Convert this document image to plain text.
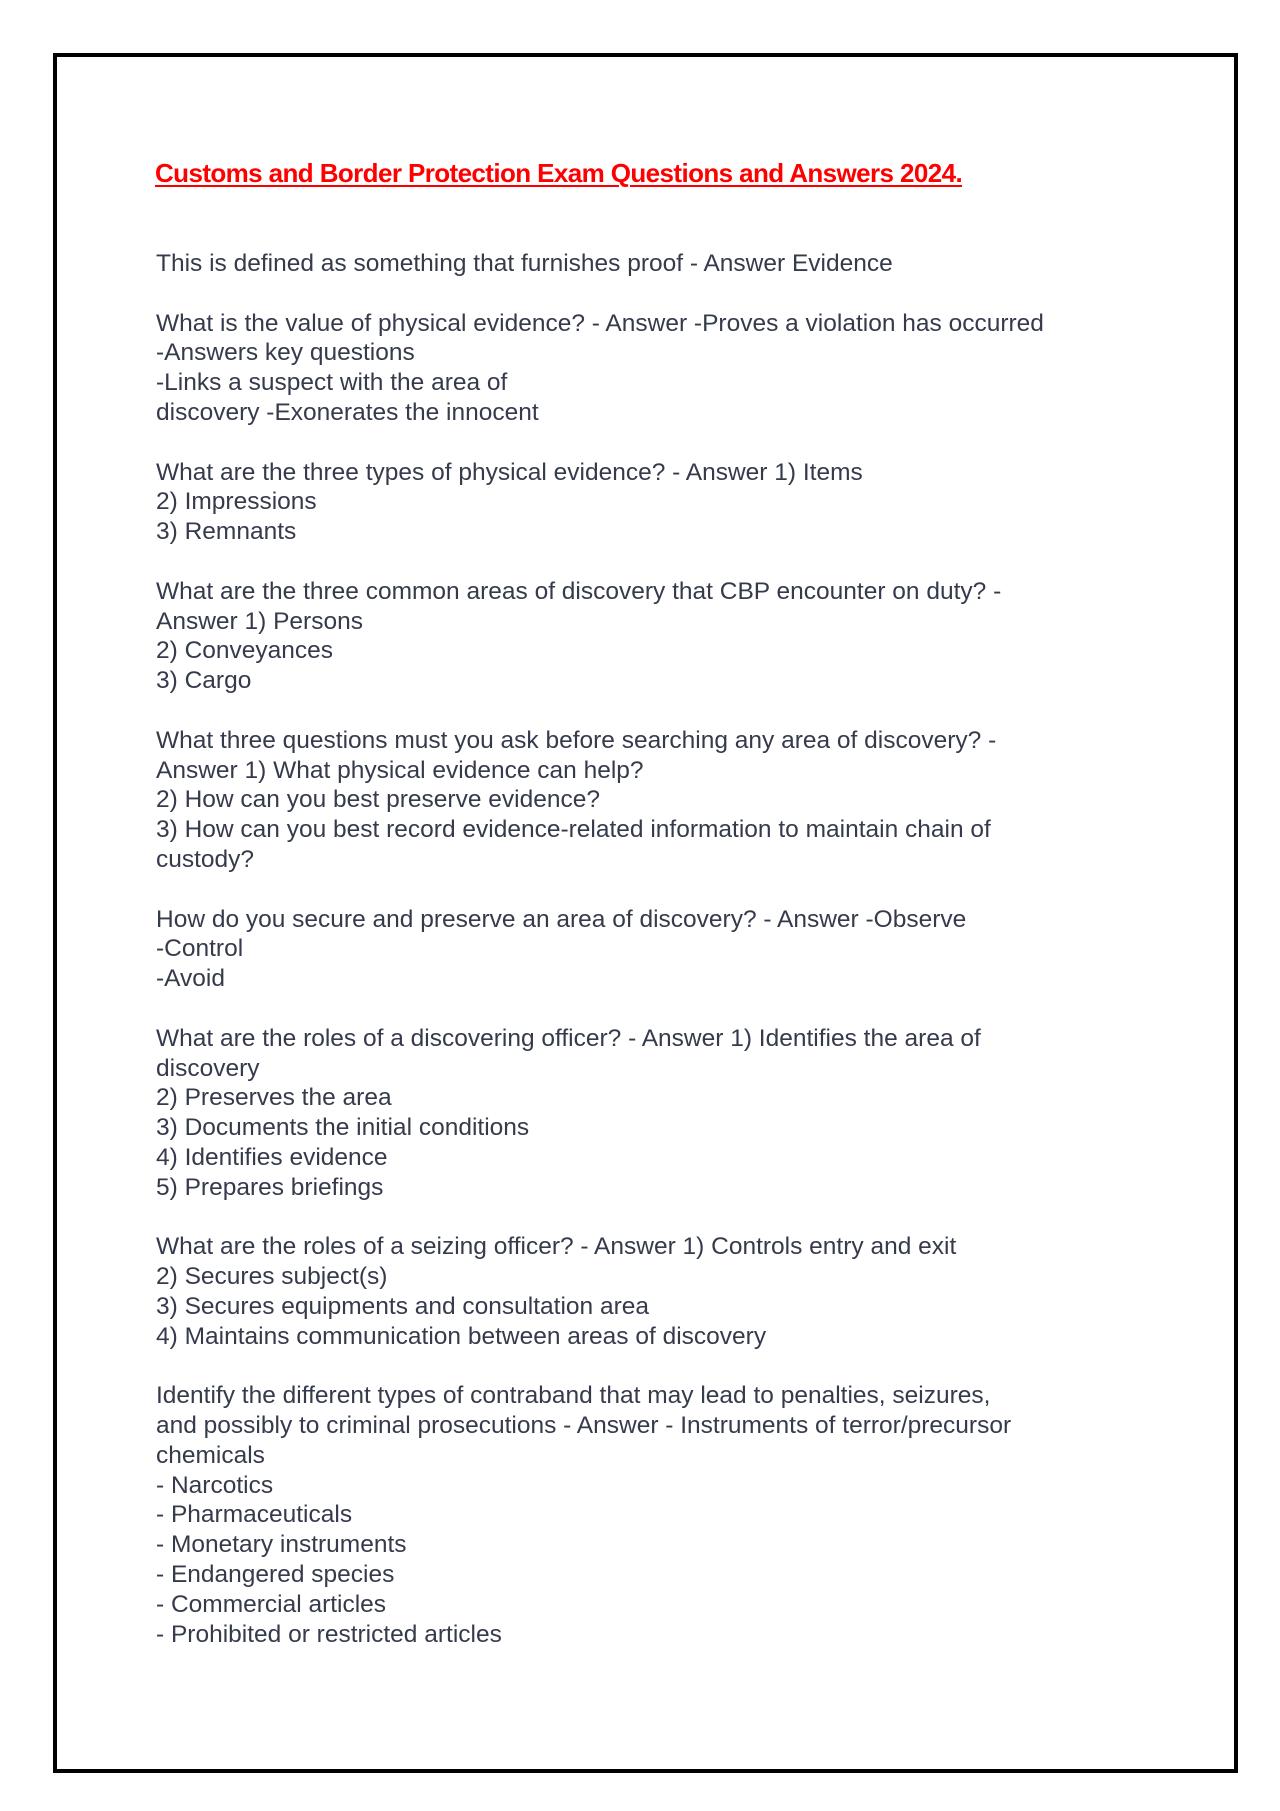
Customs and Border Protection Exam Questions and Answers 2024.
This is defined as something that furnishes proof - Answer Evidence
What is the value of physical evidence? - Answer -Proves a violation has occurred
-Answers key questions
-Links a suspect with the area of
discovery -Exonerates the innocent
What are the three types of physical evidence? - Answer 1) Items
2) Impressions
3) Remnants
What are the three common areas of discovery that CBP encounter on duty? -
Answer 1) Persons
2) Conveyances
3) Cargo
What three questions must you ask before searching any area of discovery? -
Answer 1) What physical evidence can help?
2) How can you best preserve evidence?
3) How can you best record evidence-related information to maintain chain of
custody?
How do you secure and preserve an area of discovery? - Answer -Observe
-Control
-Avoid
What are the roles of a discovering officer? - Answer 1) Identifies the area of
discovery
2) Preserves the area
3) Documents the initial conditions
4) Identifies evidence
5) Prepares briefings
What are the roles of a seizing officer? - Answer 1) Controls entry and exit
2) Secures subject(s)
3) Secures equipments and consultation area
4) Maintains communication between areas of discovery
Identify the different types of contraband that may lead to penalties, seizures,
and possibly to criminal prosecutions - Answer - Instruments of terror/precursor
chemicals
- Narcotics
- Pharmaceuticals
- Monetary instruments
- Endangered species
- Commercial articles
- Prohibited or restricted articles
